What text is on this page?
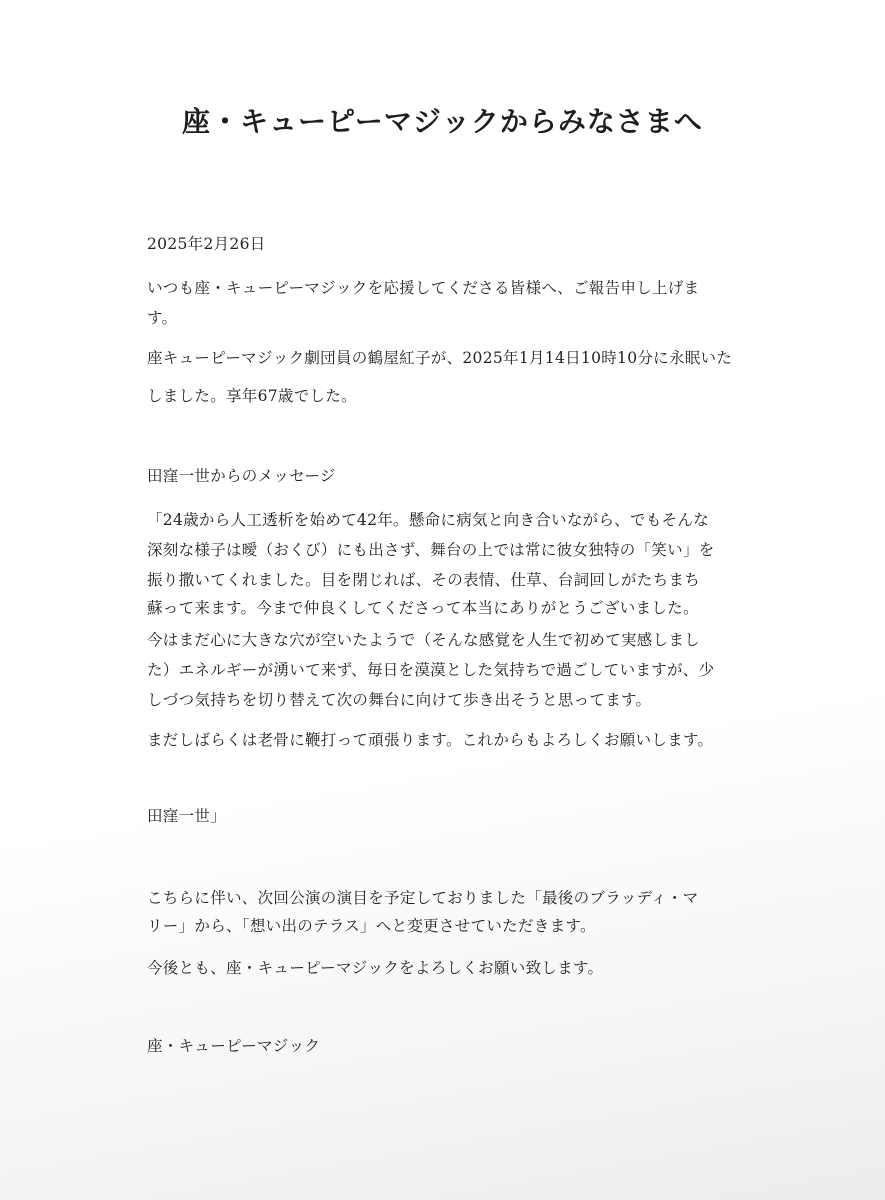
座・キューピーマジックからみなさまへ

2025年2月26日

いつも座・キューピーマジックを応援してくださる皆様へ、ご報告申し上げま

す。

座キューピーマジック劇団員の鶴屋紅子が、2025年1月14日10時10分に永眠いた

しました。享年67歳でした。

田窪一世からのメッセージ

「24歳から人工透析を始めて42年。懸命に病気と向き合いながら、でもそんな

深刻な様子は曖（おくび）にも出さず、舞台の上では常に彼女独特の「笑い」を

振り撒いてくれました。目を閉じれば、その表情、仕草、台詞回しがたちまち

蘇って来ます。今まで仲良くしてくださって本当にありがとうございました。

今はまだ心に大きな穴が空いたようで（そんな感覚を人生で初めて実感しまし

た）エネルギーが湧いて来ず、毎日を漠漠とした気持ちで過ごしていますが、少

しづつ気持ちを切り替えて次の舞台に向けて歩き出そうと思ってます。

まだしばらくは老骨に鞭打って頑張ります。これからもよろしくお願いします。

田窪一世」

こちらに伴い、次回公演の演目を予定しておりました「最後のブラッディ・マ

リー」から、「想い出のテラス」へと変更させていただきます。

今後とも、座・キューピーマジックをよろしくお願い致します。

座・キューピーマジック
